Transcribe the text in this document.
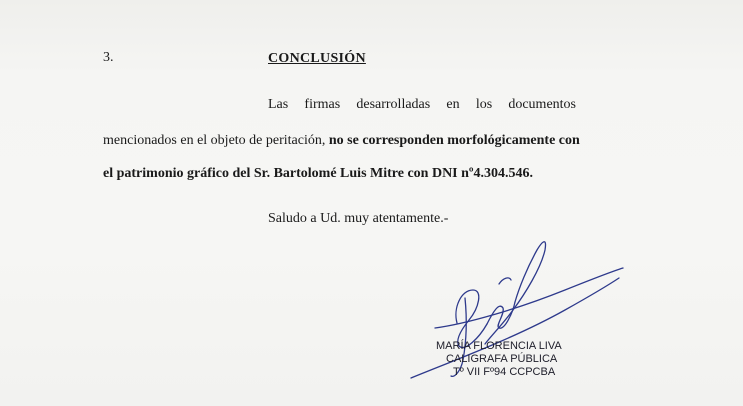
3.	CONCLUSIÓN
Las firmas desarrolladas en los documentos
mencionados en el objeto de peritación, no se corresponden morfológicamente con
el patrimonio gráfico del Sr. Bartolomé Luis Mitre con DNI nº4.304.546.
Saludo a Ud. muy atentamente.-
MARÍA FLORENCIA LIVA
CALIGRAFA PÚBLICA
Tº VII Fº94 CCPCBA
